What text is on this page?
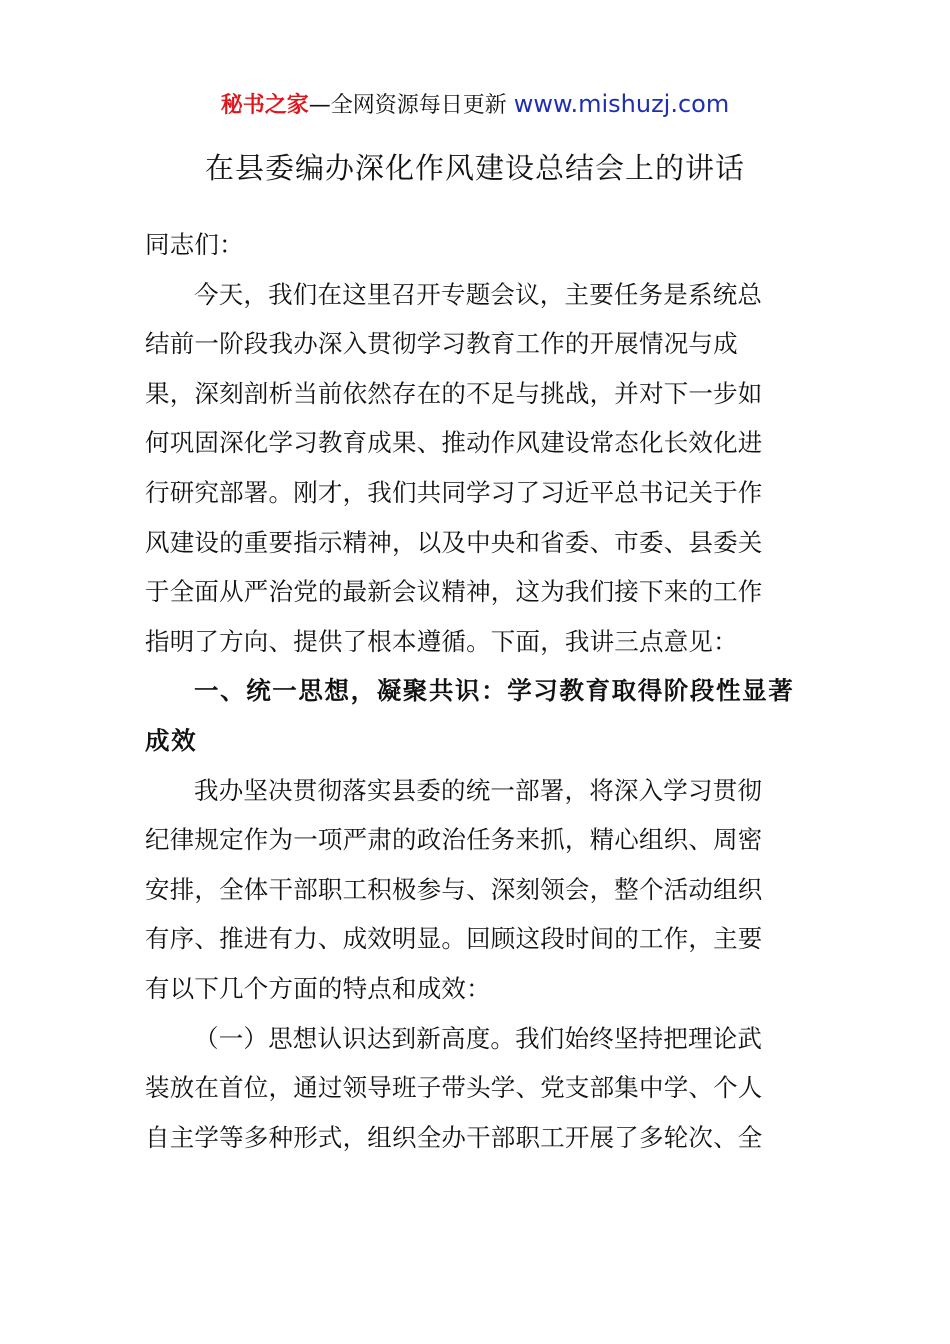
秘书之家—全网资源每日更新 www.mishuzj.com
在县委编办深化作风建设总结会上的讲话
同志们：
今天，我们在这里召开专题会议，主要任务是系统总
结前一阶段我办深入贯彻学习教育工作的开展情况与成
果，深刻剖析当前依然存在的不足与挑战，并对下一步如
何巩固深化学习教育成果、推动作风建设常态化长效化进
行研究部署。刚才，我们共同学习了习近平总书记关于作
风建设的重要指示精神，以及中央和省委、市委、县委关
于全面从严治党的最新会议精神，这为我们接下来的工作
指明了方向、提供了根本遵循。下面，我讲三点意见：
一、统一思想，凝聚共识：学习教育取得阶段性显著
成效
我办坚决贯彻落实县委的统一部署，将深入学习贯彻
纪律规定作为一项严肃的政治任务来抓，精心组织、周密
安排，全体干部职工积极参与、深刻领会，整个活动组织
有序、推进有力、成效明显。回顾这段时间的工作，主要
有以下几个方面的特点和成效：
（一）思想认识达到新高度。我们始终坚持把理论武
装放在首位，通过领导班子带头学、党支部集中学、个人
自主学等多种形式，组织全办干部职工开展了多轮次、全
